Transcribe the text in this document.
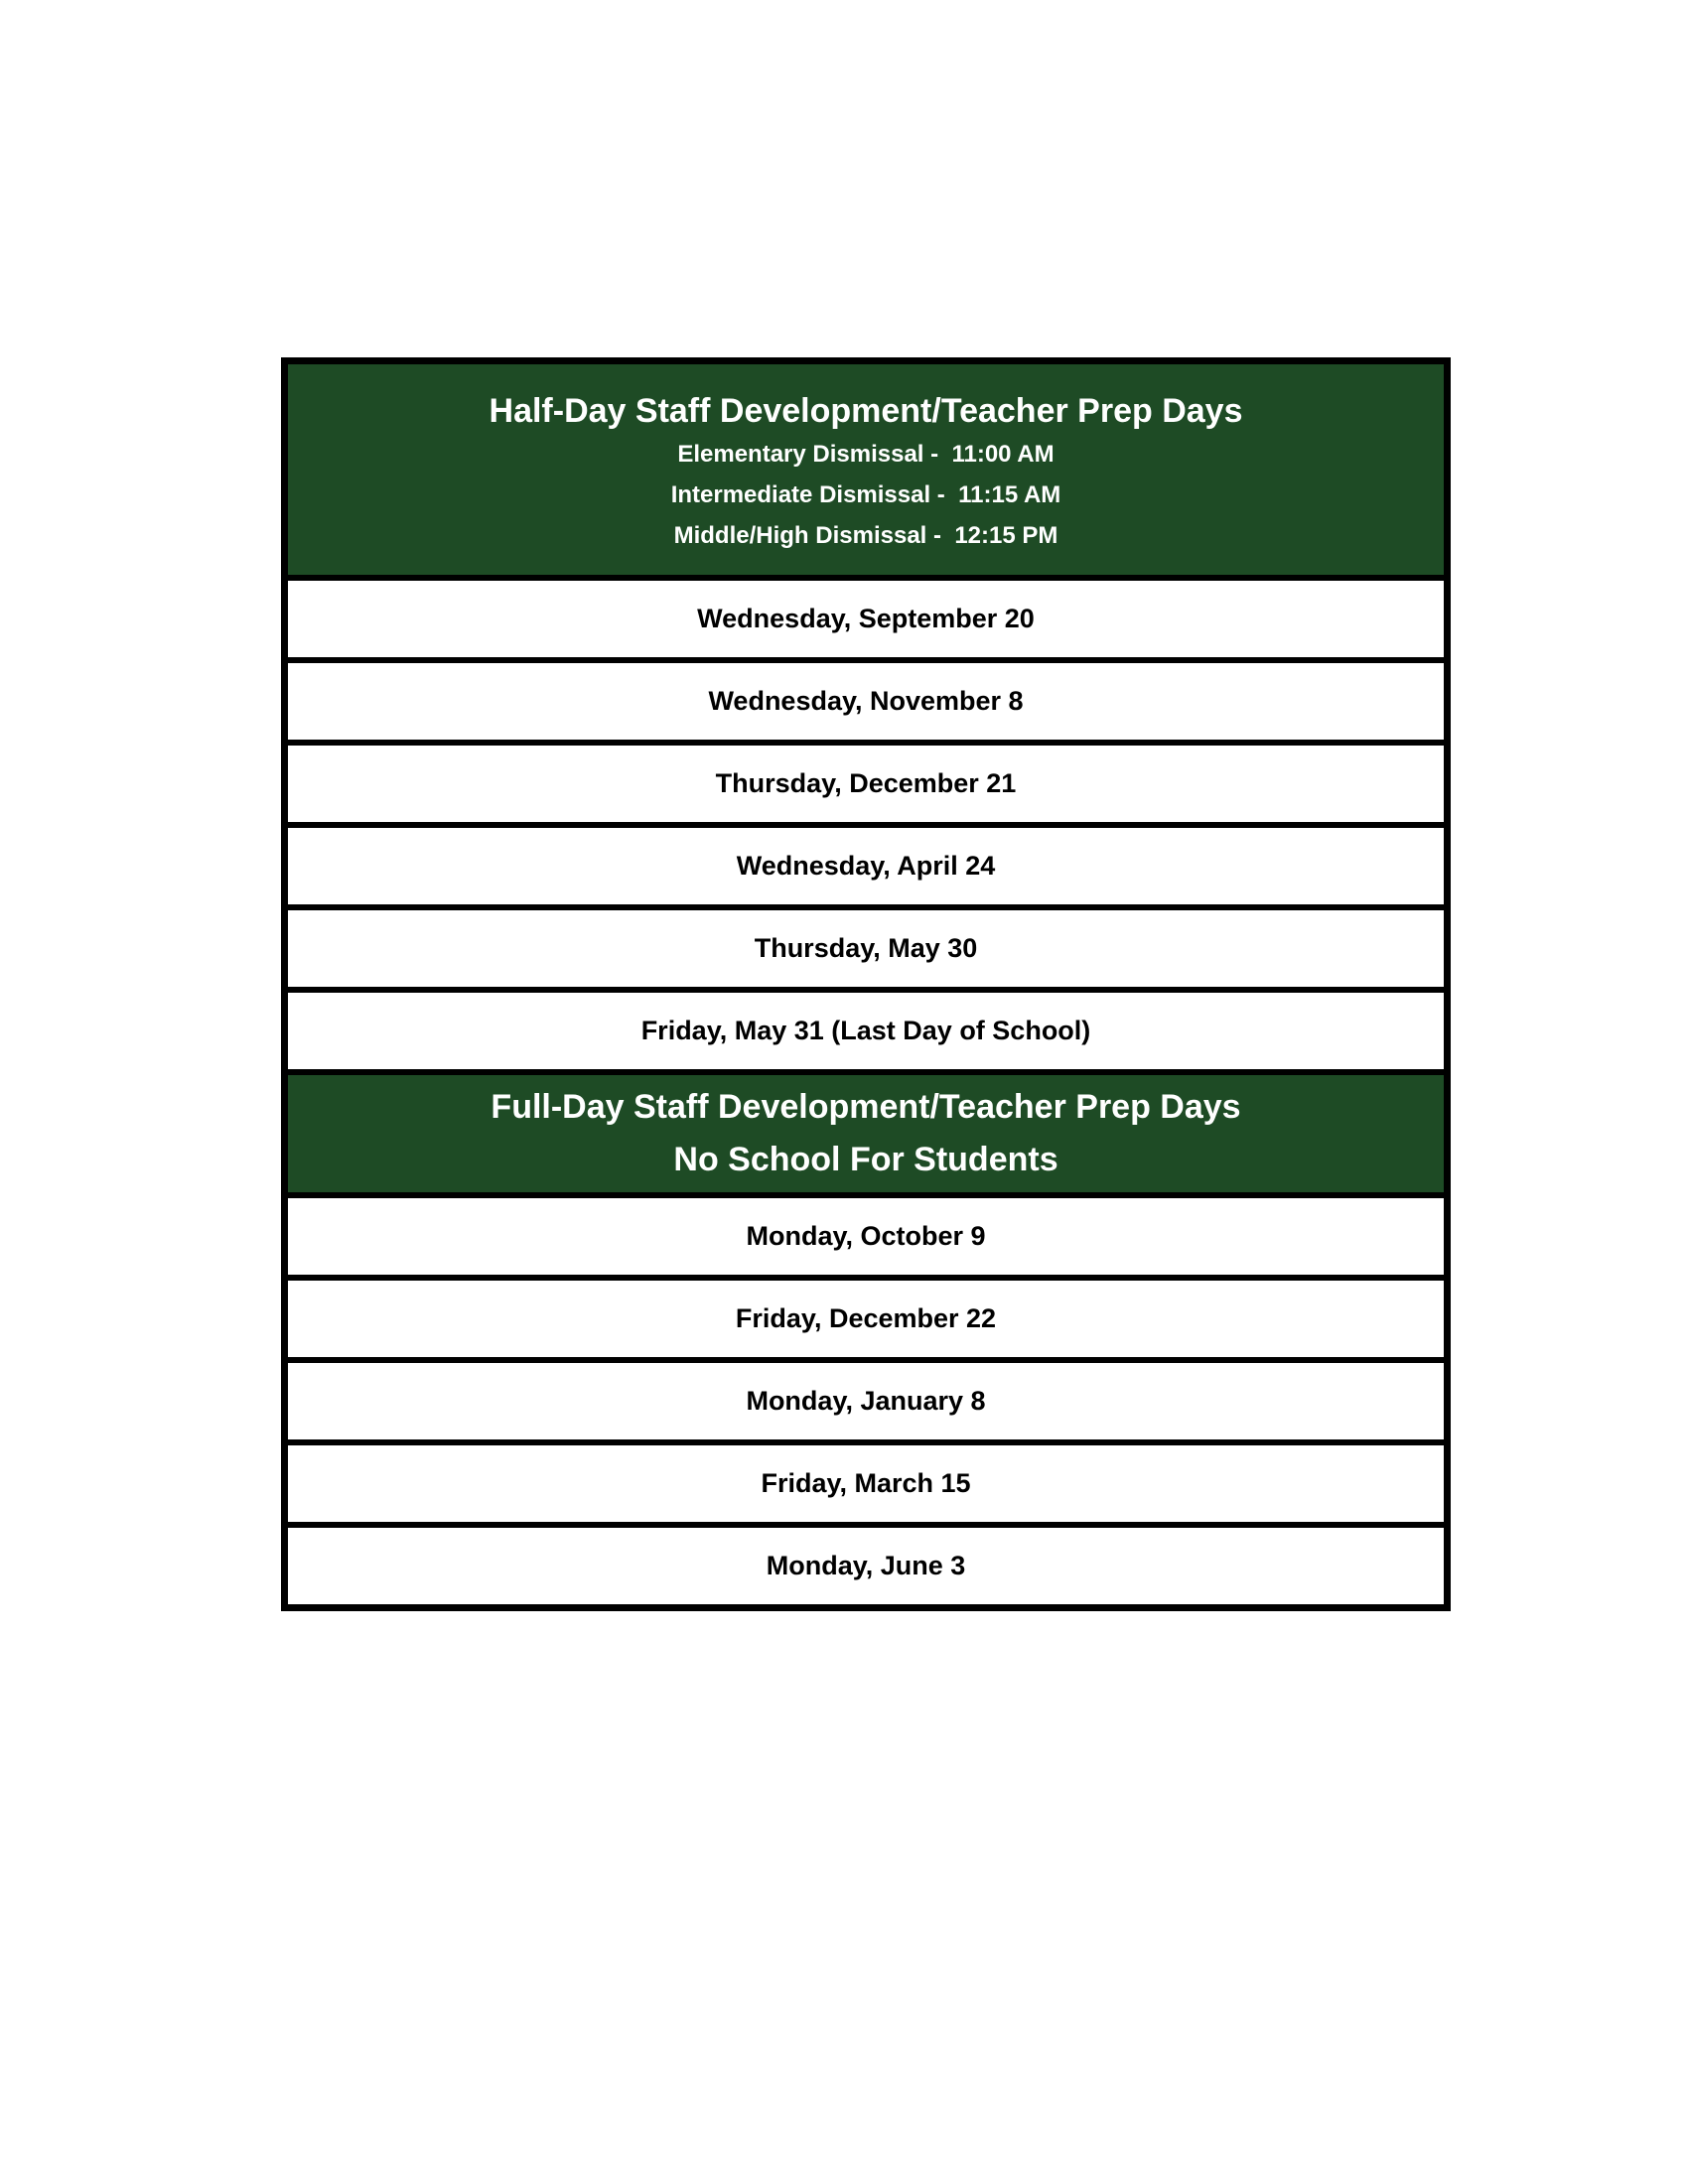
Half-Day Staff Development/Teacher Prep Days
Elementary Dismissal -  11:00 AM
Intermediate Dismissal -  11:15 AM
Middle/High Dismissal -  12:15 PM
Wednesday, September 20
Wednesday, November 8
Thursday, December 21
Wednesday, April 24
Thursday, May 30
Friday, May 31 (Last Day of School)
Full-Day Staff Development/Teacher Prep Days
No School For Students
Monday, October 9
Friday, December 22
Monday, January 8
Friday, March 15
Monday, June 3
